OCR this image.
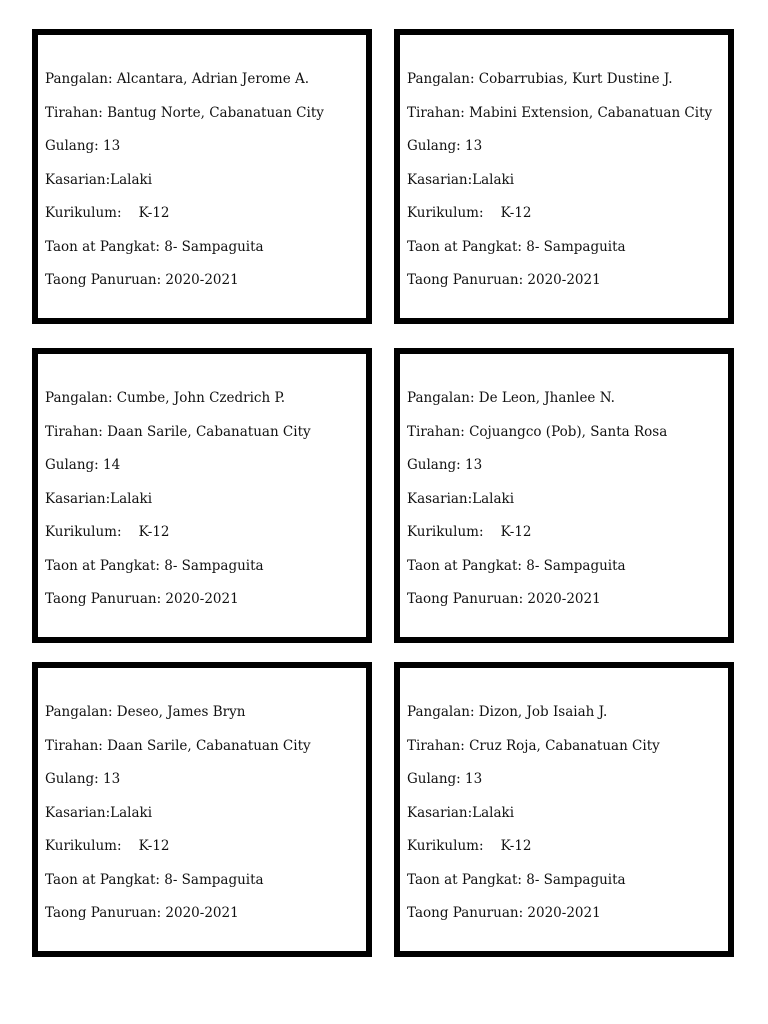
Pangalan: Alcantara, Adrian Jerome A.
Tirahan: Bantug Norte, Cabanatuan City
Gulang: 13
Kasarian:Lalaki
Kurikulum:    K-12
Taon at Pangkat: 8- Sampaguita
Taong Panuruan: 2020-2021
Pangalan: Cobarrubias, Kurt Dustine J.
Tirahan: Mabini Extension, Cabanatuan City
Gulang: 13
Kasarian:Lalaki
Kurikulum:    K-12
Taon at Pangkat: 8- Sampaguita
Taong Panuruan: 2020-2021
Pangalan: Cumbe, John Czedrich P.
Tirahan: Daan Sarile, Cabanatuan City
Gulang: 14
Kasarian:Lalaki
Kurikulum:    K-12
Taon at Pangkat: 8- Sampaguita
Taong Panuruan: 2020-2021
Pangalan: De Leon, Jhanlee N.
Tirahan: Cojuangco (Pob), Santa Rosa
Gulang: 13
Kasarian:Lalaki
Kurikulum:    K-12
Taon at Pangkat: 8- Sampaguita
Taong Panuruan: 2020-2021
Pangalan: Deseo, James Bryn
Tirahan: Daan Sarile, Cabanatuan City
Gulang: 13
Kasarian:Lalaki
Kurikulum:    K-12
Taon at Pangkat: 8- Sampaguita
Taong Panuruan: 2020-2021
Pangalan: Dizon, Job Isaiah J.
Tirahan: Cruz Roja, Cabanatuan City
Gulang: 13
Kasarian:Lalaki
Kurikulum:    K-12
Taon at Pangkat: 8- Sampaguita
Taong Panuruan: 2020-2021
